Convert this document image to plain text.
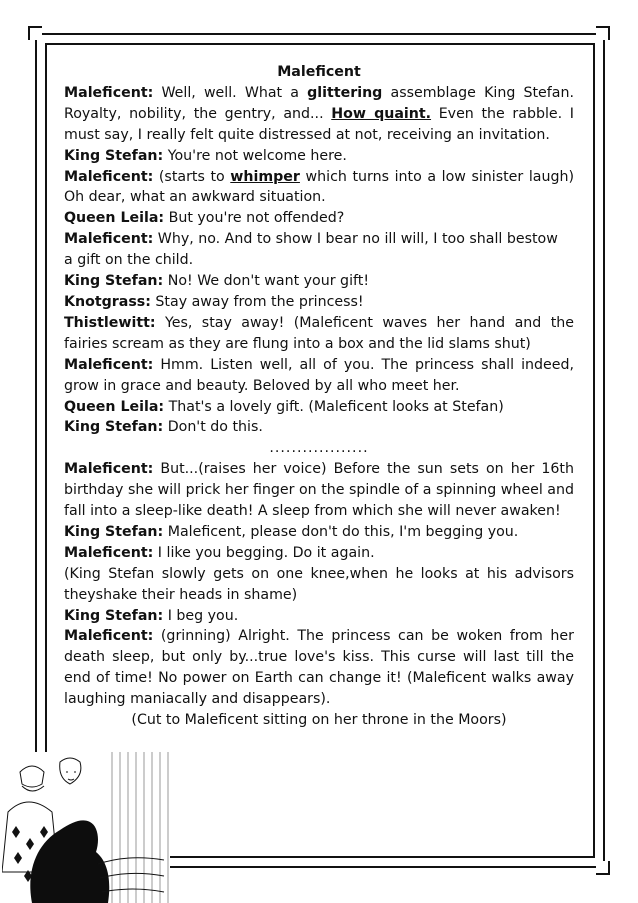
Maleficent

Maleficent: Well, well. What a glittering assemblage King Stefan. Royalty, nobility, the gentry, and... How quaint. Even the rabble. I must say, I really felt quite distressed at not, receiving an invitation.

King Stefan: You're not welcome here.

Maleficent: (starts to whimper which turns into a low sinister laugh) Oh dear, what an awkward situation.

Queen Leila: But you're not offended?

Maleficent: Why, no. And to show I bear no ill will, I too shall bestow
a gift on the child.

King Stefan: No! We don't want your gift!

Knotgrass: Stay away from the princess!

Thistlewitt: Yes, stay away! (Maleficent waves her hand and the fairies scream as they are flung into a box and the lid slams shut)

Maleficent: Hmm. Listen well, all of you. The princess shall indeed, grow in grace and beauty. Beloved by all who meet her.

Queen Leila: That's a lovely gift. (Maleficent looks at Stefan)

King Stefan: Don't do this.

..................

Maleficent: But...(raises her voice) Before the sun sets on her 16th birthday she will prick her finger on the spindle of a spinning wheel and fall into a sleep-like death! A sleep from which she will never awaken!

King Stefan: Maleficent, please don't do this, I'm begging you.

Maleficent: I like you begging. Do it again.

(King Stefan slowly gets on one knee,when he looks at his advisors theyshake their heads in shame)

King Stefan: I beg you.

Maleficent: (grinning) Alright. The princess can be woken from her death sleep, but only by...true love's kiss. This curse will last till the end of time! No power on Earth can change it! (Maleficent walks away laughing maniacally and disappears).

(Cut to Maleficent sitting on her throne in the Moors)
